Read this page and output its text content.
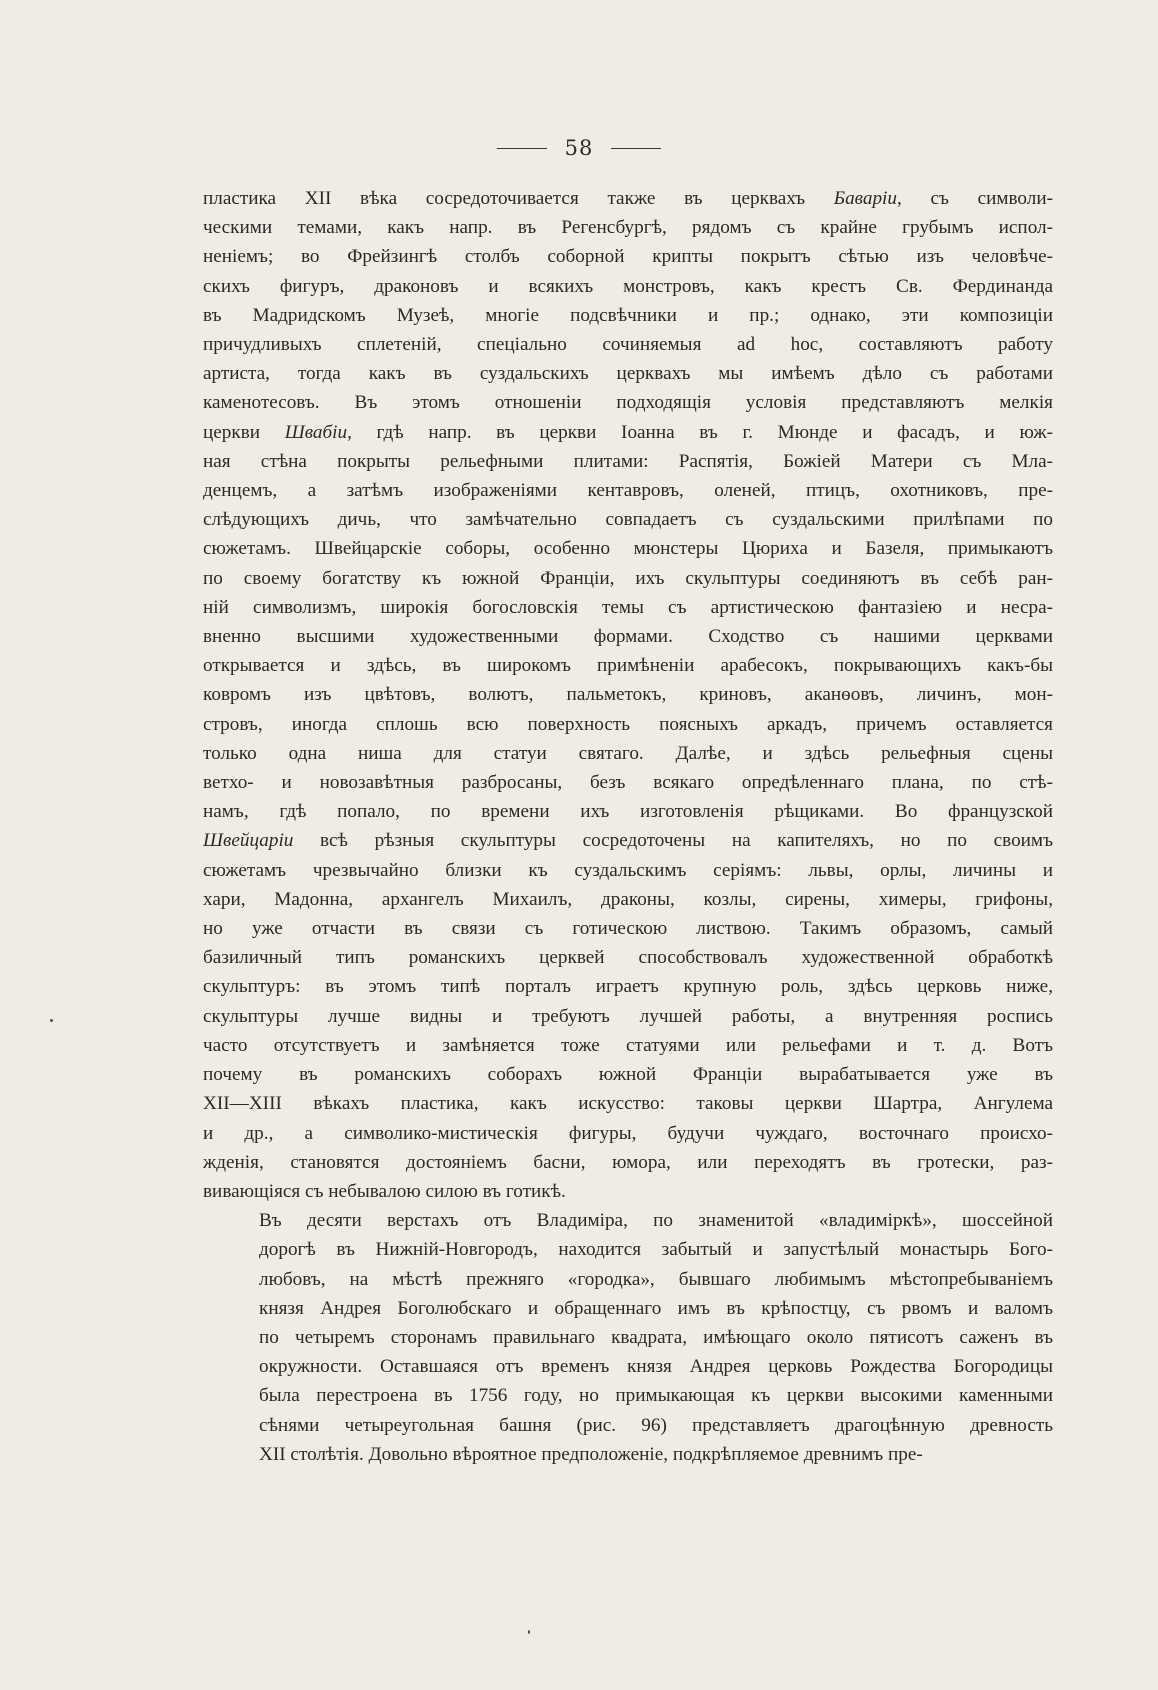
58

пластика XII вѣка сосредоточивается также въ церквахъ Баварiи, съ символи-
ческими темами, какъ напр. въ Регенсбургѣ, рядомъ съ крайне грубымъ испол-
ненiемъ; во Фрейзингѣ столбъ соборной крипты покрытъ сѣтью изъ человѣче-
скихъ фигуръ, драконовъ и всякихъ монстровъ, какъ крестъ Св. Фердинанда
въ Мадридскомъ Музеѣ, многiе подсвѣчники и пр.; однако, эти композицiи
причудливыхъ сплетенiй, спецiально сочиняемыя ad hoc, составляютъ работу
артиста, тогда какъ въ суздальскихъ церквахъ мы имѣемъ дѣло съ работами
каменотесовъ. Въ этомъ отношенiи подходящiя условiя представляютъ мелкiя
церкви Швабiи, гдѣ напр. въ церкви Iоанна въ г. Мюнде и фасадъ, и юж-
ная стѣна покрыты рельефными плитами: Распятiя, Божiей Матери съ Мла-
денцемъ, а затѣмъ изображенiями кентавровъ, оленей, птицъ, охотниковъ, пре-
слѣдующихъ дичь, что замѣчательно совпадаетъ съ суздальскими прилѣпами по
сюжетамъ. Швейцарскiе соборы, особенно мюнстеры Цюриха и Базеля, примыкаютъ
по своему богатству къ южной Францiи, ихъ скульптуры соединяютъ въ себѣ ран-
нiй символизмъ, широкiя богословскiя темы съ артистическою фантазiею и несра-
вненно высшими художественными формами. Сходство съ нашими церквами
открывается и здѣсь, въ широкомъ примѣненiи арабесокъ, покрывающихъ какъ-бы
ковромъ изъ цвѣтовъ, волютъ, пальметокъ, криновъ, аканѳовъ, личинъ, мон-
стровъ, иногда сплошь всю поверхность поясныхъ аркадъ, причемъ оставляется
только одна ниша для статуи святаго. Далѣе, и здѣсь рельефныя сцены
ветхо- и новозавѣтныя разбросаны, безъ всякаго опредѣленнаго плана, по стѣ-
намъ, гдѣ попало, по времени ихъ изготовленiя рѣщиками. Во французской
Швейцарiи всѣ рѣзныя скульптуры сосредоточены на капителяхъ, но по своимъ
сюжетамъ чрезвычайно близки къ суздальскимъ серiямъ: львы, орлы, личины и
хари, Мадонна, архангелъ Михаилъ, драконы, козлы, сирены, химеры, грифоны,
но уже отчасти въ связи съ готическою листвою. Такимъ образомъ, самый
базиличный типъ романскихъ церквей способствовалъ художественной обработкѣ
скульптуръ: въ этомъ типѣ порталъ играетъ крупную роль, здѣсь церковь ниже,
скульптуры лучше видны и требуютъ лучшей работы, а внутренняя роспись
часто отсутствуетъ и замѣняется тоже статуями или рельефами и т. д. Вотъ
почему въ романскихъ соборахъ южной Францiи вырабатывается уже въ
XII—XIII вѣкахъ пластика, какъ искусство: таковы церкви Шартра, Ангулема
и др., а символико-мистическiя фигуры, будучи чуждаго, восточнаго происхо-
жденiя, становятся достоянiемъ басни, юмора, или переходятъ въ гротески, раз-
вивающiяся съ небывалою силою въ готикѣ.

Въ десяти верстахъ отъ Владимiра, по знаменитой «владимiркѣ», шоссейной
дорогѣ въ Нижнiй-Новгородъ, находится забытый и запустѣлый монастырь Бого-
любовъ, на мѣстѣ прежняго «городка», бывшаго любимымъ мѣстопребыванiемъ
князя Андрея Боголюбскаго и обращеннаго имъ въ крѣпостцу, съ рвомъ и валомъ
по четыремъ сторонамъ правильнаго квадрата, имѣющаго около пятисотъ саженъ въ
окружности. Оставшаяся отъ временъ князя Андрея церковь Рождества Богородицы
была перестроена въ 1756 году, но примыкающая къ церкви высокими каменными
сѣнями четыреугольная башня (рис. 96) представляетъ драгоцѣнную древность
XII столѣтiя. Довольно вѣроятное предположенiе, подкрѣпляемое древнимъ пре-
